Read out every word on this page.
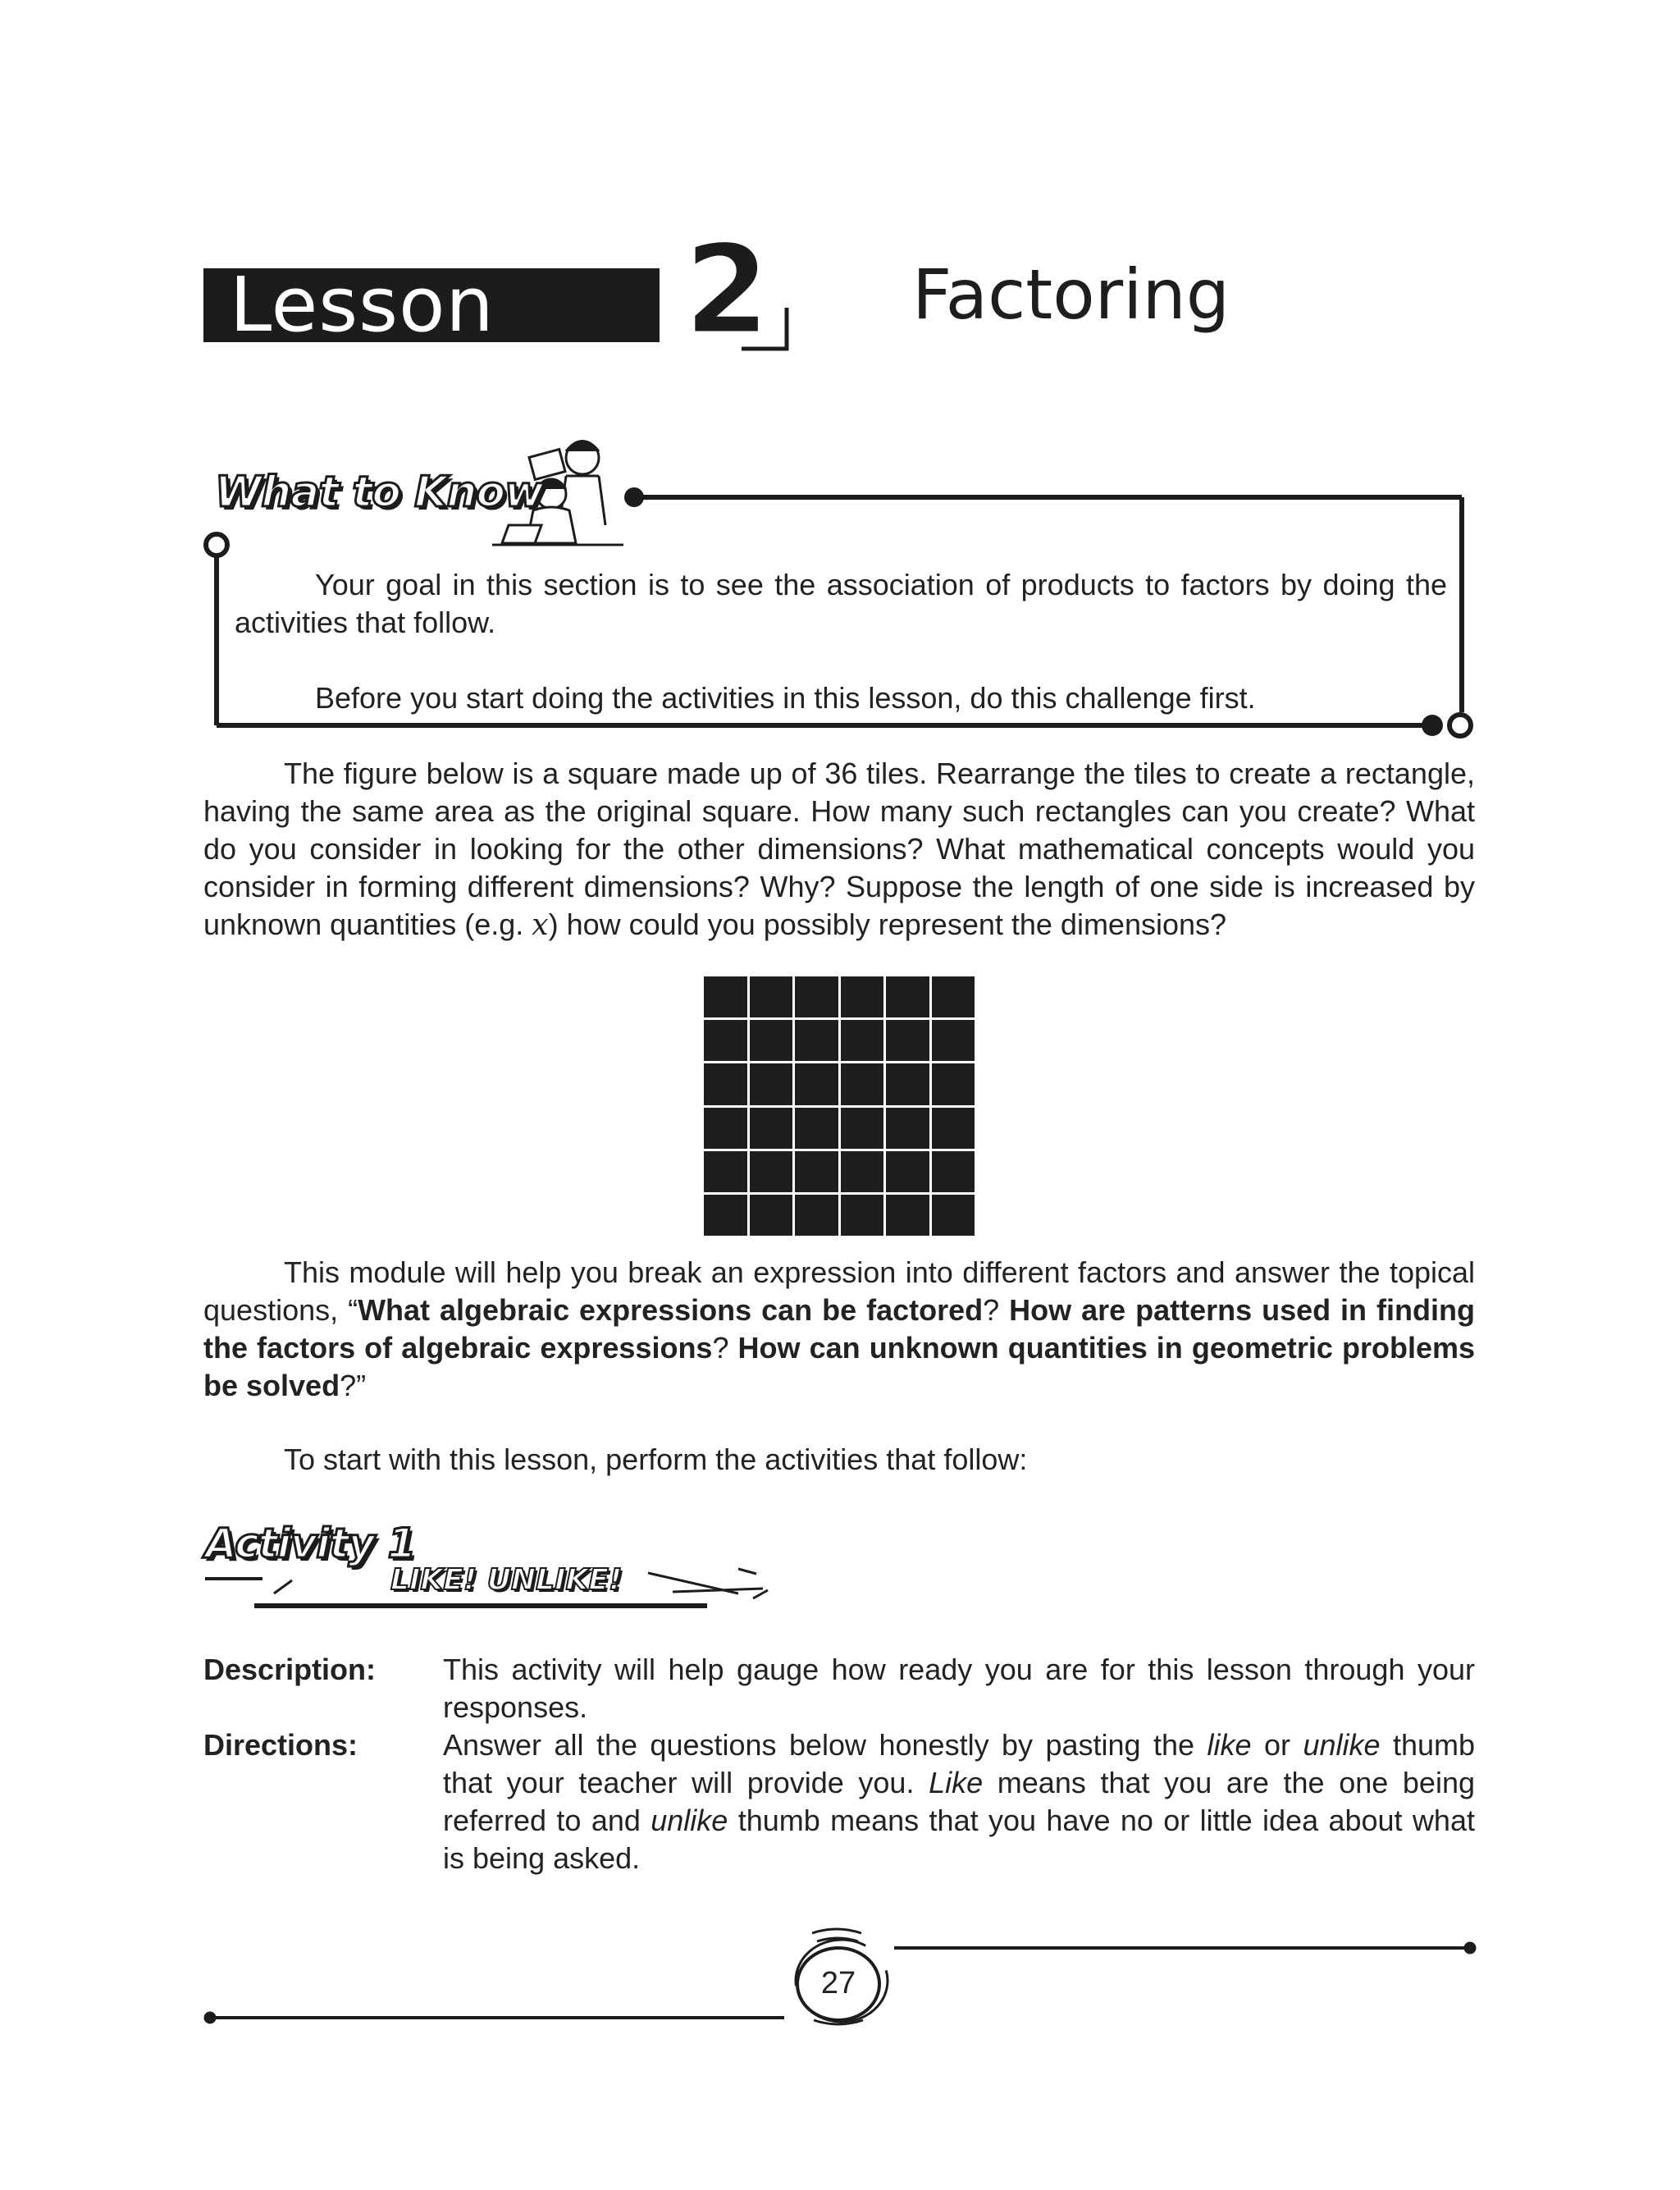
Lesson	2 Factoring
What to Know
Your goal in this section is to see the association of products to factors by doing the activities that follow.
Before you start doing the activities in this lesson, do this challenge first.
The figure below is a square made up of 36 tiles. Rearrange the tiles to create a rectangle, having the same area as the original square. How many such rectangles can you create? What do you consider in looking for the other dimensions? What mathematical concepts would you consider in forming different dimensions? Why? Suppose the length of one side is increased by unknown quantities (e.g. x) how could you possibly represent the dimensions?
This module will help you break an expression into different factors and answer the topical questions, “What algebraic expressions can be factored? How are patterns used in finding the factors of algebraic expressions? How can unknown quantities in geometric problems be solved?”
To start with this lesson, perform the activities that follow:
Activity 1
LIKE! UNLIKE!
Description: This activity will help gauge how ready you are for this lesson through your responses.
Directions:	Answer all the questions below honestly by pasting the like or unlike thumb that your teacher will provide you. Like means that you are the one being referred to and unlike thumb means that you have no or little idea about what is being asked.
27
